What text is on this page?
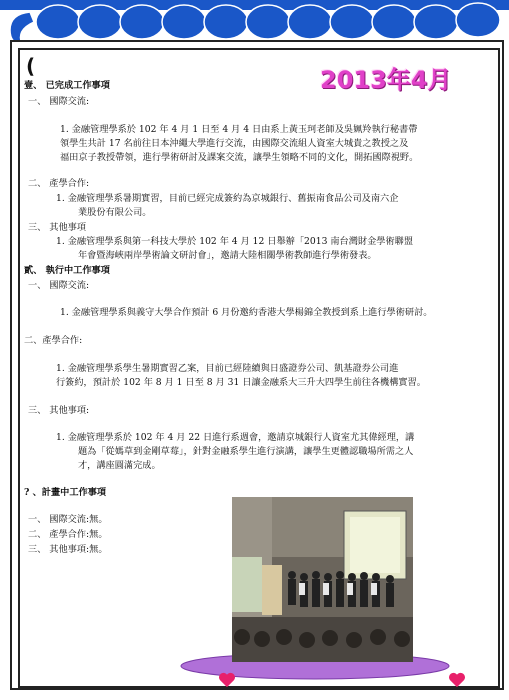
(	2013年4月
壹、 已完成工作事項
一、 國際交流:
1. 金融管理學系於 102 年 4 月 1 日至 4 月 4 日由系上黃玉珂老師及吳姵羚執行秘書帶
領學生共計 17 名前往日本沖繩大學進行交流，由國際交流組人資室大城貴之教授之及
福田京子教授帶領，進行學術研討及課案交流，讓學生領略不同的文化，開拓國際視野。
二、 產學合作:
1. 金融管理學系暑期實習，目前已經完成簽約為京城銀行、舊振南食品公司及南六企
業股份有限公司。
三、 其他事項
1. 金融管理學系與第一科技大學於 102 年 4 月 12 日舉辦「2013 南台灣財金學術聯盟
年會暨海峽兩岸學術論文研討會」，邀請大陸相關學術教師進行學術發表。
貳、 執行中工作事項
一、 國際交流:
1. 金融管理學系與義守大學合作預計 6 月份邀約香港大學楊錦全教授到系上進行學術研討。
二、產學合作:
1. 金融管理學系學生暑期實習乙案，目前已經陸續與日盛證券公司、凱基證券公司進
行簽約，預計於 102 年 8 月 1 日至 8 月 31 日讓金融系大三升大四學生前往各機構實習。
三、 其他事項:
1. 金融管理學系於 102 年 4 月 22 日進行系週會，邀請京城銀行人資室尤其偉經理，講
題為「從媽草到金剛草莓」，針對金融系學生進行演講，讓學生更體認職場所需之人
才，講座圓滿完成。
? 、計畫中工作事項
一、 國際交流:無。
二、 產學合作:無。
三、 其他事項:無。
